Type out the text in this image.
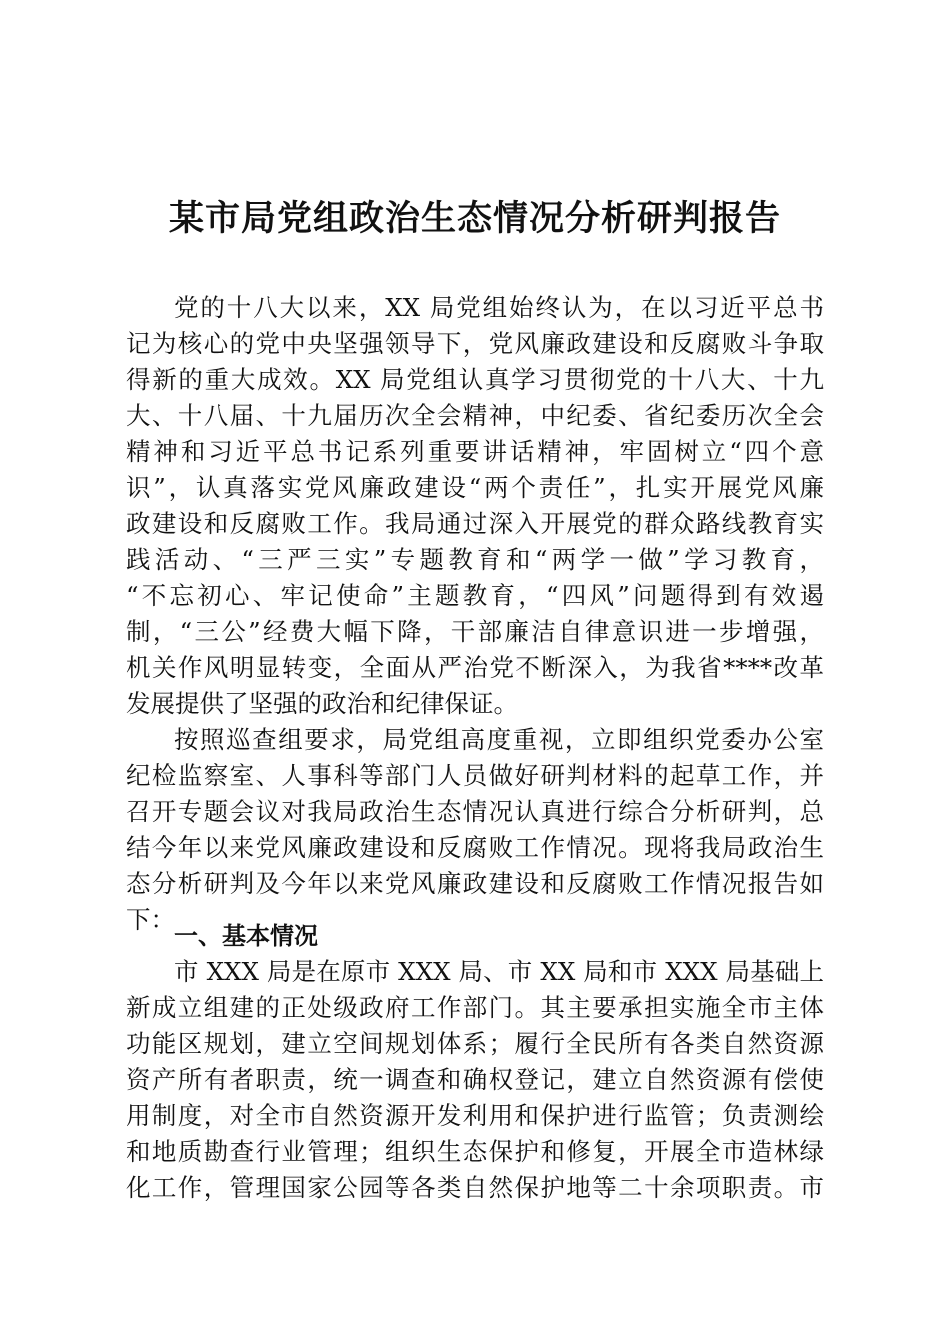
某市局党组政治生态情况分析研判报告
党的十八大以来，XX 局党组始终认为，在以习近平总书
记为核心的党中央坚强领导下，党风廉政建设和反腐败斗争取
得新的重大成效。XX 局党组认真学习贯彻党的十八大、十九
大、十八届、十九届历次全会精神，中纪委、省纪委历次全会
精神和习近平总书记系列重要讲话精神，牢固树立“四个意
识”，认真落实党风廉政建设“两个责任”，扎实开展党风廉
政建设和反腐败工作。我局通过深入开展党的群众路线教育实
践活动、“三严三实”专题教育和“两学一做”学习教育，
“不忘初心、牢记使命”主题教育，“四风”问题得到有效遏
制，“三公”经费大幅下降，干部廉洁自律意识进一步增强，
机关作风明显转变，全面从严治党不断深入，为我省****改革
发展提供了坚强的政治和纪律保证。
按照巡查组要求，局党组高度重视，立即组织党委办公室
纪检监察室、人事科等部门人员做好研判材料的起草工作，并
召开专题会议对我局政治生态情况认真进行综合分析研判，总
结今年以来党风廉政建设和反腐败工作情况。现将我局政治生
态分析研判及今年以来党风廉政建设和反腐败工作情况报告如
下：
一、基本情况
市 XXX 局是在原市 XXX 局、市 XX 局和市 XXX 局基础上
新成立组建的正处级政府工作部门。其主要承担实施全市主体
功能区规划，建立空间规划体系；履行全民所有各类自然资源
资产所有者职责，统一调查和确权登记，建立自然资源有偿使
用制度，对全市自然资源开发利用和保护进行监管；负责测绘
和地质勘查行业管理；组织生态保护和修复，开展全市造林绿
化工作，管理国家公园等各类自然保护地等二十余项职责。市
